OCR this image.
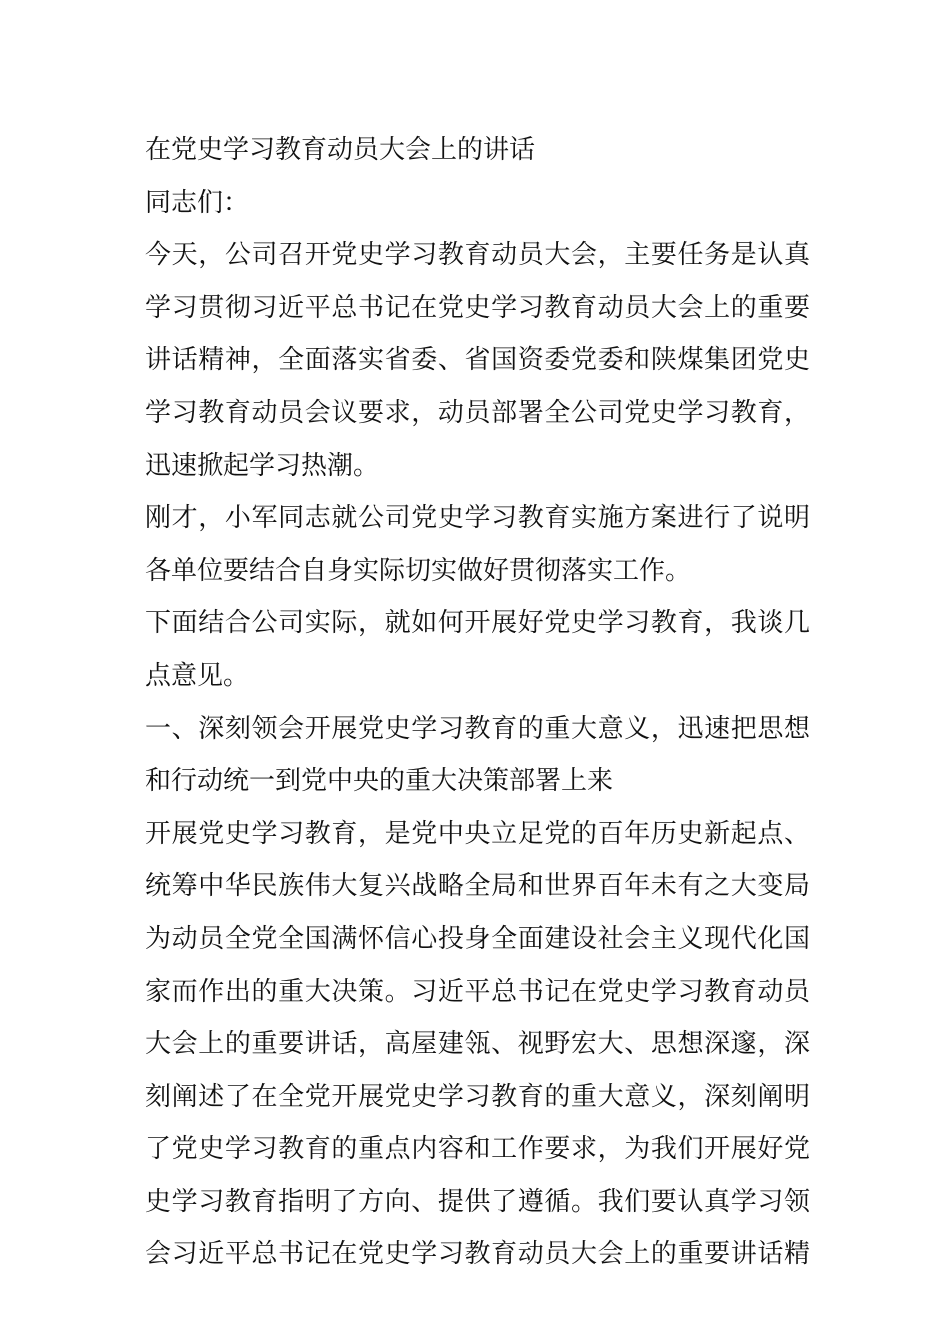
在党史学习教育动员大会上的讲话
同志们：
今天，公司召开党史学习教育动员大会，主要任务是认真
学习贯彻习近平总书记在党史学习教育动员大会上的重要
讲话精神，全面落实省委、省国资委党委和陕煤集团党史
学习教育动员会议要求，动员部署全公司党史学习教育，
迅速掀起学习热潮。
刚才，小军同志就公司党史学习教育实施方案进行了说明
各单位要结合自身实际切实做好贯彻落实工作。
下面结合公司实际，就如何开展好党史学习教育，我谈几
点意见。
一、深刻领会开展党史学习教育的重大意义，迅速把思想
和行动统一到党中央的重大决策部署上来
开展党史学习教育，是党中央立足党的百年历史新起点、
统筹中华民族伟大复兴战略全局和世界百年未有之大变局
为动员全党全国满怀信心投身全面建设社会主义现代化国
家而作出的重大决策。习近平总书记在党史学习教育动员
大会上的重要讲话，高屋建瓴、视野宏大、思想深邃，深
刻阐述了在全党开展党史学习教育的重大意义，深刻阐明
了党史学习教育的重点内容和工作要求，为我们开展好党
史学习教育指明了方向、提供了遵循。我们要认真学习领
会习近平总书记在党史学习教育动员大会上的重要讲话精
